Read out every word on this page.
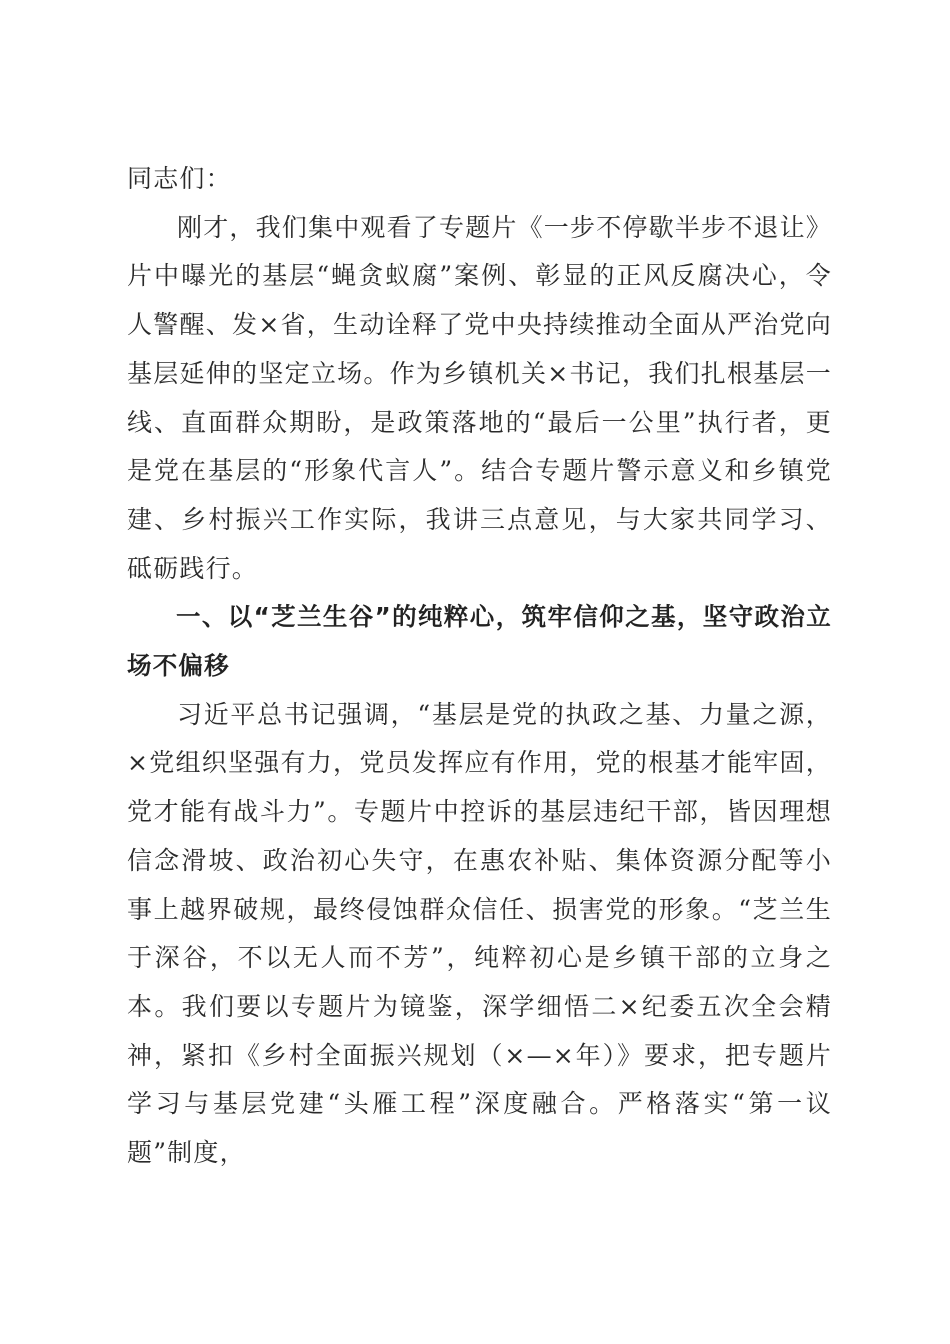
同志们：

刚才，我们集中观看了专题片《一步不停歇半步不退让》片中曝光的基层“蝇贪蚁腐”案例、彰显的正风反腐决心，令人警醒、发×省，生动诠释了党中央持续推动全面从严治党向基层延伸的坚定立场。作为乡镇机关×书记，我们扎根基层一线、直面群众期盼，是政策落地的“最后一公里”执行者，更是党在基层的“形象代言人”。结合专题片警示意义和乡镇党建、乡村振兴工作实际，我讲三点意见，与大家共同学习、砥砺践行。

一、以“芝兰生谷”的纯粹心，筑牢信仰之基，坚守政治立场不偏移

习近平总书记强调，“基层是党的执政之基、力量之源，×党组织坚强有力，党员发挥应有作用，党的根基才能牢固，党才能有战斗力”。专题片中控诉的基层违纪干部，皆因理想信念滑坡、政治初心失守，在惠农补贴、集体资源分配等小事上越界破规，最终侵蚀群众信任、损害党的形象。“芝兰生于深谷，不以无人而不芳”，纯粹初心是乡镇干部的立身之本。我们要以专题片为镜鉴，深学细悟二×纪委五次全会精神，紧扣《乡村全面振兴规划（×—×年）》要求，把专题片学习与基层党建“头雁工程”深度融合。严格落实“第一议题”制度，
